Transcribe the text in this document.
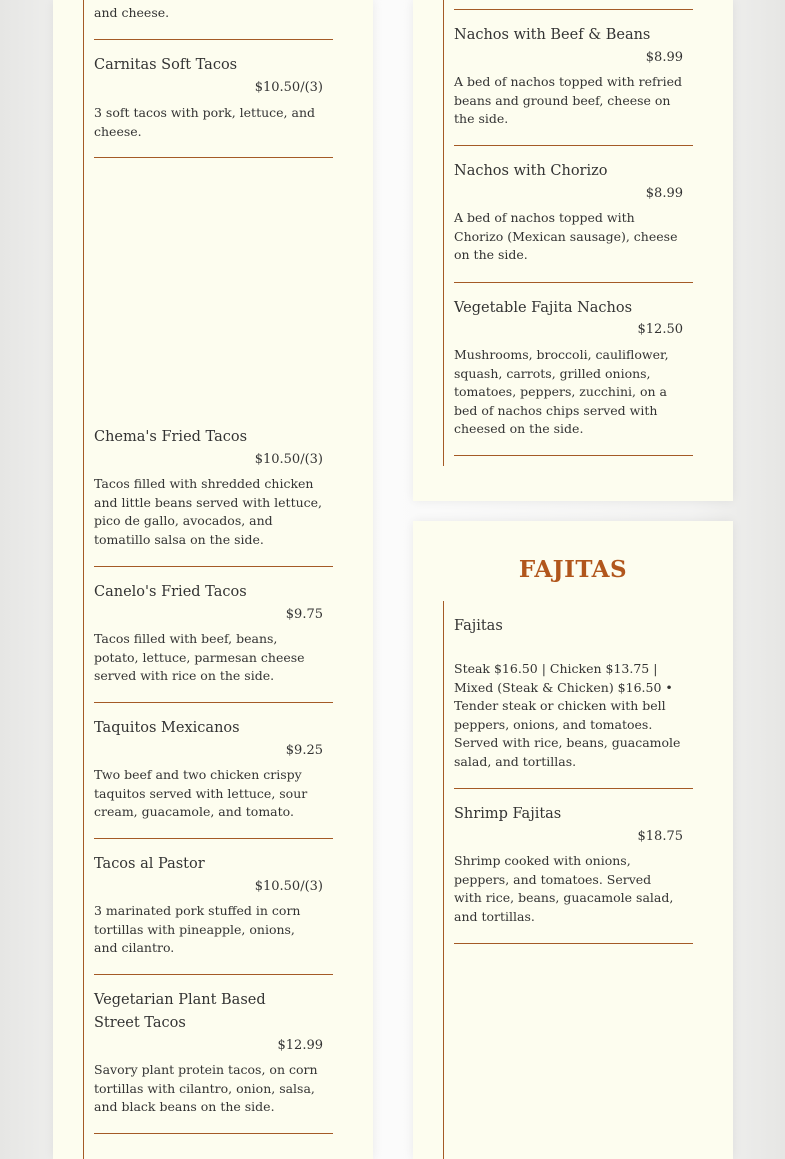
and cheese.
Carnitas Soft Tacos
$10.50/(3)
3 soft tacos with pork, lettuce, and cheese.
Chema's Fried Tacos
$10.50/(3)
Tacos filled with shredded chicken and little beans served with lettuce, pico de gallo, avocados, and tomatillo salsa on the side.
Canelo's Fried Tacos
$9.75
Tacos filled with beef, beans, potato, lettuce, parmesan cheese served with rice on the side.
Taquitos Mexicanos
$9.25
Two beef and two chicken crispy taquitos served with lettuce, sour cream, guacamole, and tomato.
Tacos al Pastor
$10.50/(3)
3 marinated pork stuffed in corn tortillas with pineapple, onions, and cilantro.
Vegetarian Plant Based Street Tacos
$12.99
Savory plant protein tacos, on corn tortillas with cilantro, onion, salsa, and black beans on the side.
Nachos with Beef & Beans
$8.99
A bed of nachos topped with refried beans and ground beef, cheese on the side.
Nachos with Chorizo
$8.99
A bed of nachos topped with Chorizo (Mexican sausage), cheese on the side.
Vegetable Fajita Nachos
$12.50
Mushrooms, broccoli, cauliflower, squash, carrots, grilled onions, tomatoes, peppers, zucchini, on a bed of nachos chips served with cheesed on the side.
FAJITAS
Fajitas
Steak $16.50 | Chicken $13.75 | Mixed (Steak & Chicken) $16.50 • Tender steak or chicken with bell peppers, onions, and tomatoes. Served with rice, beans, guacamole salad, and tortillas.
Shrimp Fajitas
$18.75
Shrimp cooked with onions, peppers, and tomatoes. Served with rice, beans, guacamole salad, and tortillas.
